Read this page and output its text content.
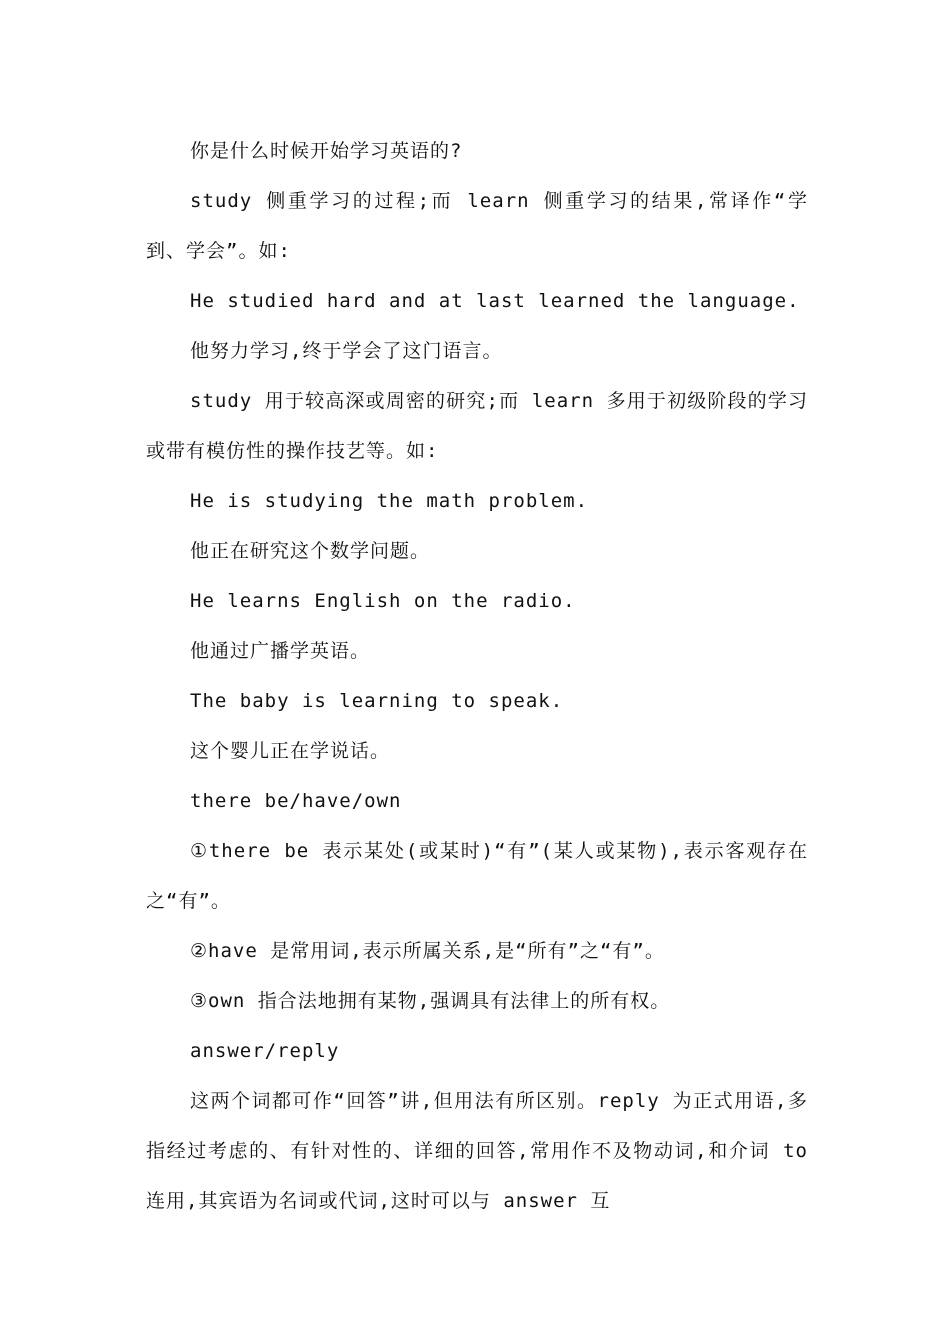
你是什么时候开始学习英语的?

study 侧重学习的过程;而 learn 侧重学习的结果,常译作“学到、学会”。如:

He studied hard and at last learned the language.

他努力学习,终于学会了这门语言。

study 用于较高深或周密的研究;而 learn 多用于初级阶段的学习或带有模仿性的操作技艺等。如:

He is studying the math problem.

他正在研究这个数学问题。

He learns English on the radio.

他通过广播学英语。

The baby is learning to speak.

这个婴儿正在学说话。

there be/have/own

①there be 表示某处(或某时)“有”(某人或某物),表示客观存在之“有”。

②have 是常用词,表示所属关系,是“所有”之“有”。

③own 指合法地拥有某物,强调具有法律上的所有权。

answer/reply

这两个词都可作“回答”讲,但用法有所区别。reply 为正式用语,多指经过考虑的、有针对性的、详细的回答,常用作不及物动词,和介词 to 连用,其宾语为名词或代词,这时可以与 answer 互
